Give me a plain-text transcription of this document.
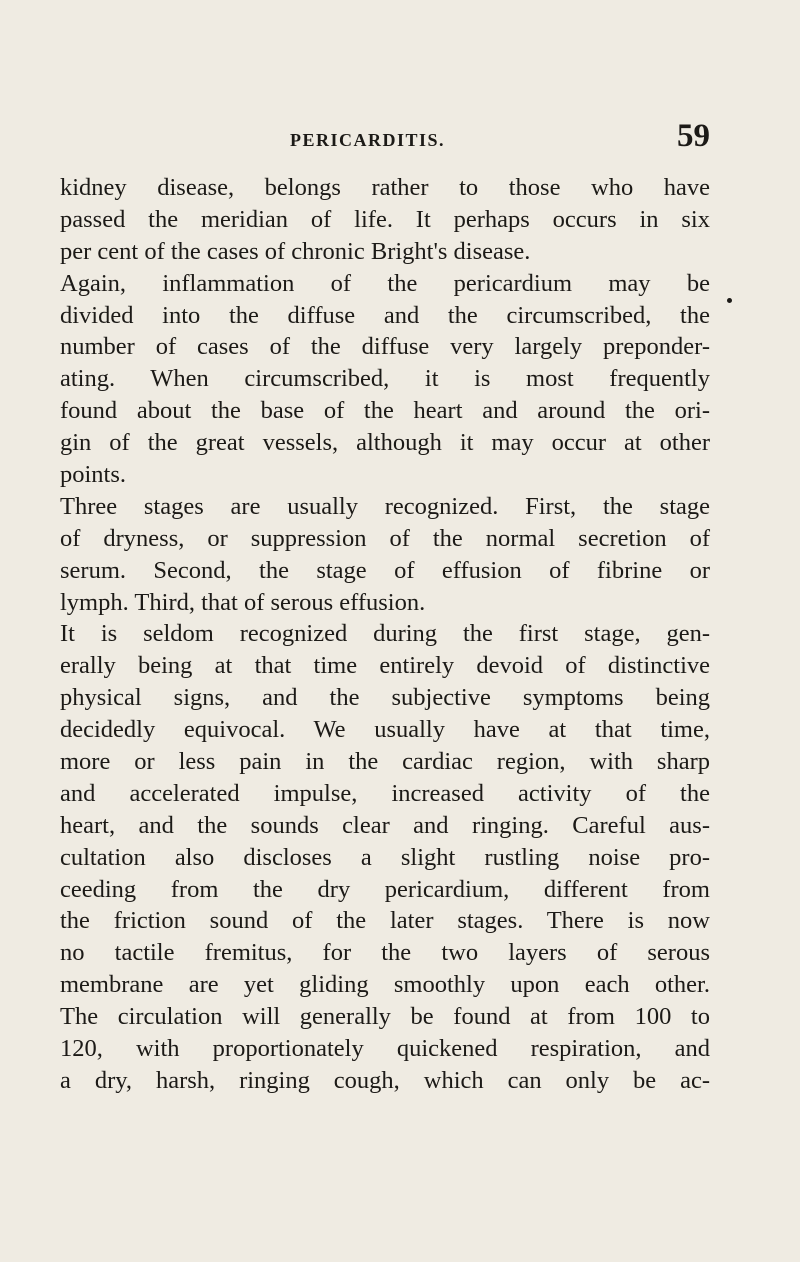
PERICARDITIS.	59
kidney disease, belongs rather to those who have
passed the meridian of life. It perhaps occurs in six
per cent of the cases of chronic Bright's disease.
Again, inflammation of the pericardium may be
divided into the diffuse and the circumscribed, the
number of cases of the diffuse very largely preponder-
ating. When circumscribed, it is most frequently
found about the base of the heart and around the ori-
gin of the great vessels, although it may occur at other
points.
Three stages are usually recognized. First, the stage
of dryness, or suppression of the normal secretion of
serum. Second, the stage of effusion of fibrine or
lymph. Third, that of serous effusion.
It is seldom recognized during the first stage, gen-
erally being at that time entirely devoid of distinctive
physical signs, and the subjective symptoms being
decidedly equivocal. We usually have at that time,
more or less pain in the cardiac region, with sharp
and accelerated impulse, increased activity of the
heart, and the sounds clear and ringing. Careful aus-
cultation also discloses a slight rustling noise pro-
ceeding from the dry pericardium, different from
the friction sound of the later stages. There is now
no tactile fremitus, for the two layers of serous
membrane are yet gliding smoothly upon each other.
The circulation will generally be found at from 100 to
120, with proportionately quickened respiration, and
a dry, harsh, ringing cough, which can only be ac-
